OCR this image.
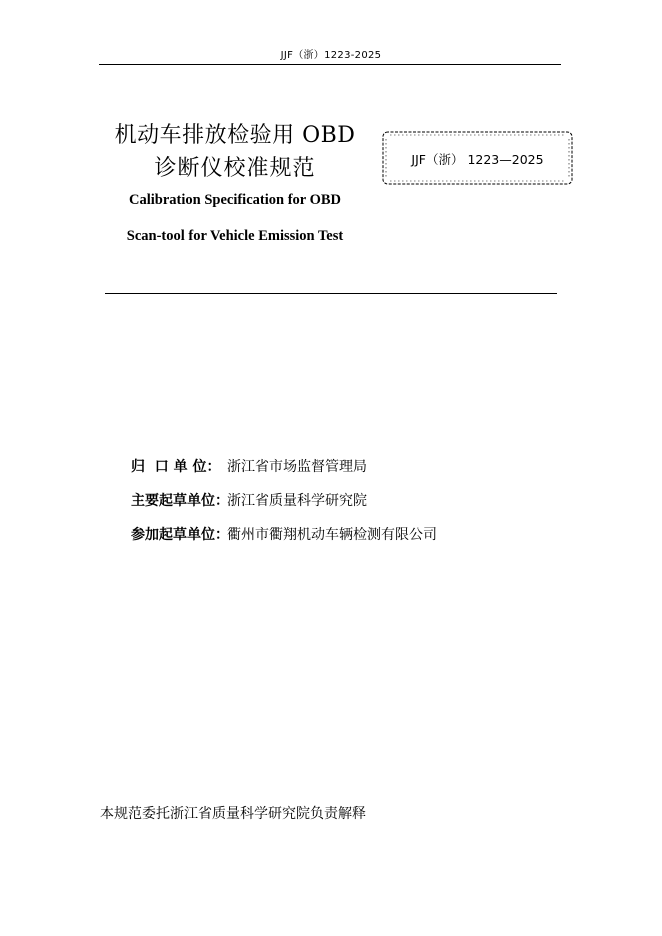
JJF（浙）1223-2025
机动车排放检验用 OBD
诊断仪校准规范
Calibration Specification for OBD
Scan-tool for Vehicle Emission Test
JJF（浙） 1223—2025
归  口 单 位： 浙江省市场监督管理局
主要起草单位：
浙江省质量科学研究院
参加起草单位：
衢州市衢翔机动车辆检测有限公司
本规范委托浙江省质量科学研究院负责解释
